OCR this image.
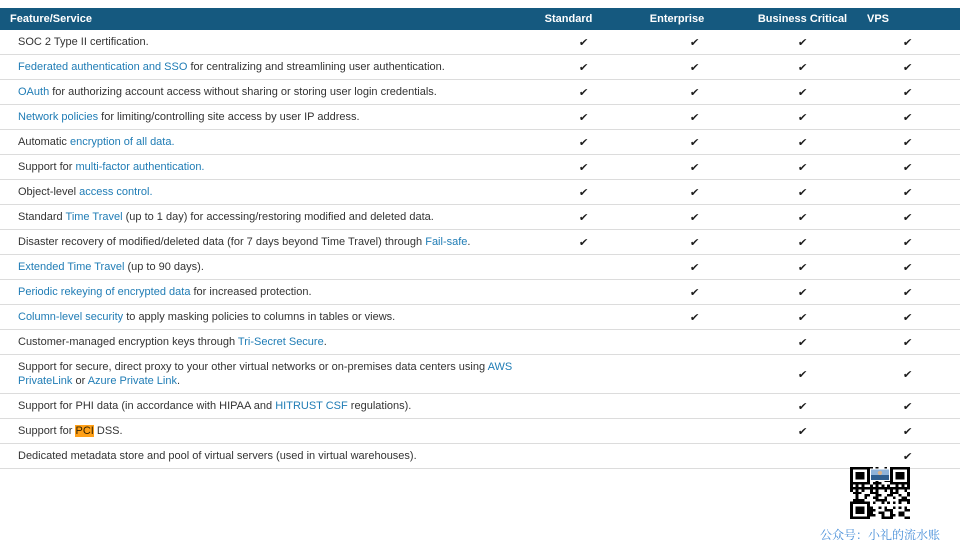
Feature/Service	Standard	Enterprise	Business Critical	VPS
SOC 2 Type II certification.	✔	✔	✔	✔
Federated authentication and SSO for centralizing and streamlining user authentication.	✔	✔	✔	✔
OAuth for authorizing account access without sharing or storing user login credentials.	✔	✔	✔	✔
Network policies for limiting/controlling site access by user IP address.	✔	✔	✔	✔
Automatic encryption of all data.	✔	✔	✔	✔
Support for multi-factor authentication.	✔	✔	✔	✔
Object-level access control.	✔	✔	✔	✔
Standard Time Travel (up to 1 day) for accessing/restoring modified and deleted data.	✔	✔	✔	✔
Disaster recovery of modified/deleted data (for 7 days beyond Time Travel) through Fail-safe.	✔	✔	✔	✔
Extended Time Travel (up to 90 days).		✔	✔	✔
Periodic rekeying of encrypted data for increased protection.		✔	✔	✔
Column-level security to apply masking policies to columns in tables or views.		✔	✔	✔
Customer-managed encryption keys through Tri-Secret Secure.			✔	✔
Support for secure, direct proxy to your other virtual networks or on-premises data centers using AWS PrivateLink or Azure Private Link.			✔	✔
Support for PHI data (in accordance with HIPAA and HITRUST CSF regulations).			✔	✔
Support for PCI DSS.			✔	✔
Dedicated metadata store and pool of virtual servers (used in virtual warehouses).				✔
公众号：小礼的流水账
